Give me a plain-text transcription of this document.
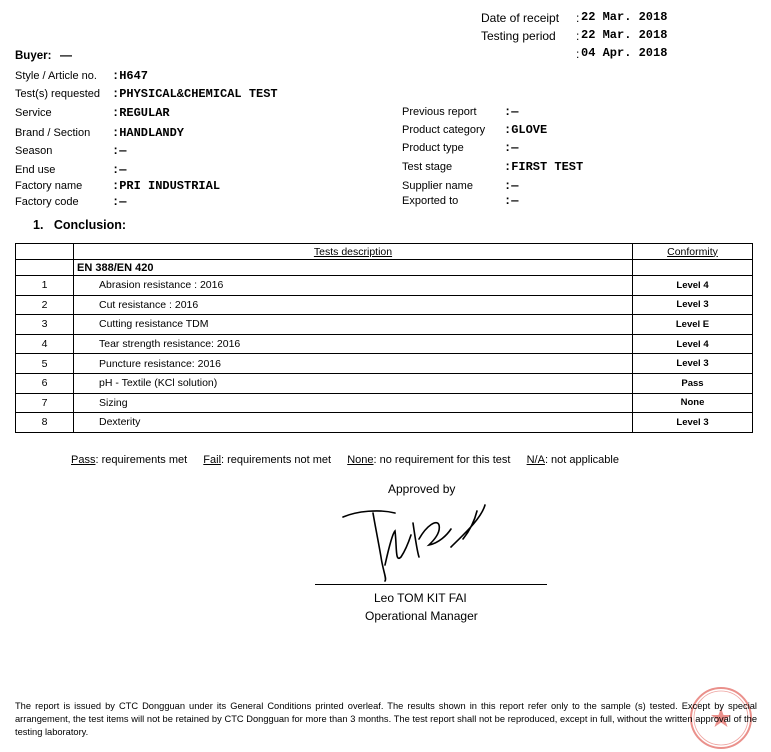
Date of receipt : 22 Mar. 2018
Testing period : 22 Mar. 2018
: 04 Apr. 2018
Buyer: —
Style / Article no. :H647
Test(s) requested :PHYSICAL&CHEMICAL TEST
Service	:REGULAR
Brand / Section :HANDLANDY
Season	:—
End use	:—
Factory name :PRI INDUSTRIAL
Factory code	:—
Previous report :—
Product category :GLOVE
Product type	:—
Test stage	:FIRST TEST
Supplier name	:—
Exported to	:—
1.   Conclusion:
	Tests description	Conformity
	EN 388/EN 420	
1	Abrasion resistance : 2016	Level 4
2	Cut resistance : 2016	Level 3
3	Cutting resistance TDM	Level E
4	Tear strength resistance: 2016	Level 4
5	Puncture resistance: 2016	Level 3
6	pH - Textile (KCl solution)	Pass
7	Sizing	None
8	Dexterity	Level 3
Pass: requirements met Fail: requirements not met None: no requirement for this test N/A: not applicable
Approved by
Leo TOM KIT FAI
Operational Manager
The report is issued by CTC Dongguan under its General Conditions printed overleaf. The results shown in this report refer only to the sample (s) tested. Except by special arrangement, the test items will not be retained by CTC Dongguan for more than 3 months. The test report shall not be reproduced, except in full, without the written approval of the testing laboratory.
